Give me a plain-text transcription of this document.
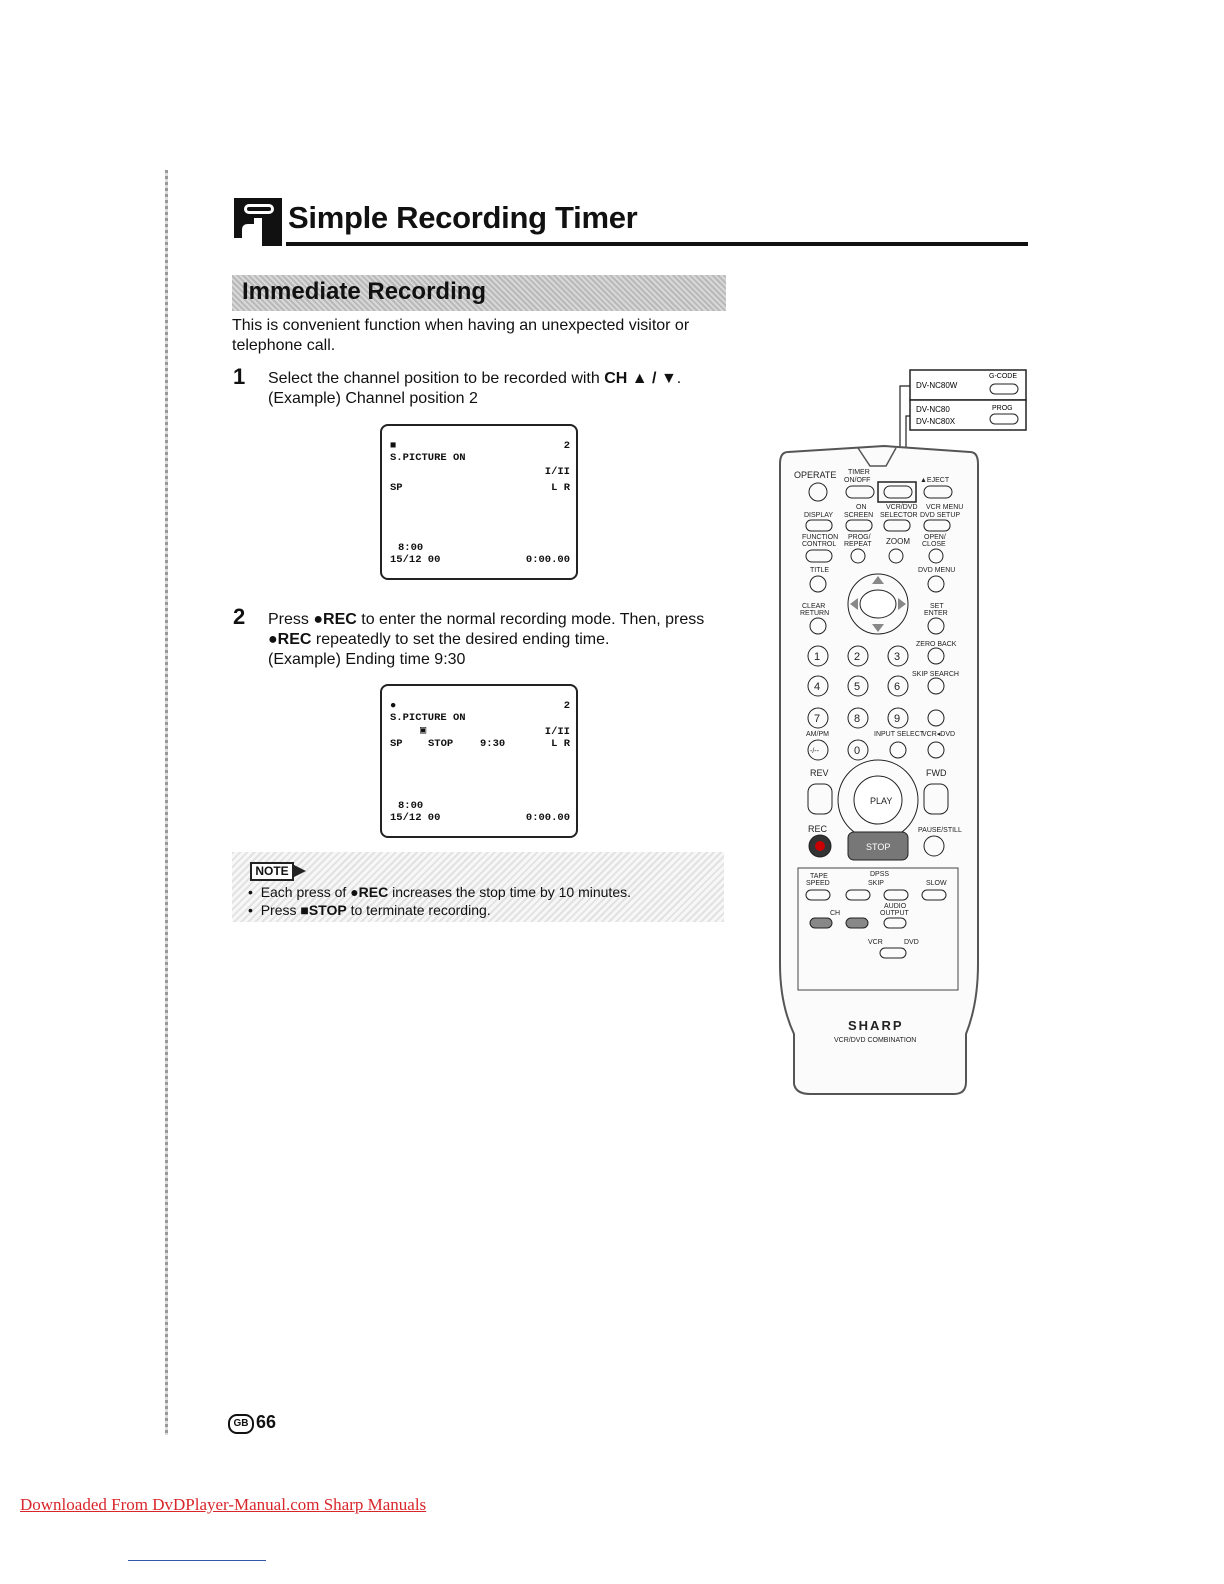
Simple Recording Timer
Immediate Recording
This is convenient function when having an unexpected visitor or telephone call.
1 Select the channel position to be recorded with CH ▲ / ▼.
(Example) Channel position 2
■	2
S.PICTURE ON
I/II
SP	L R
8:00
15/12 00	0:00.00
2 Press ●REC to enter the normal recording mode. Then, press
●REC repeatedly to set the desired ending time.
(Example) Ending time 9:30
●	2
S.PICTURE ON
▣	I/II
SP STOP	9:30	L R
8:00
15/12 00	0:00.00
NOTE
•  Each press of ●REC increases the stop time by 10 minutes.
•  Press ■STOP to terminate recording.
DV-NC80W
G-CODE
DV-NC80
DV-NC80X
PROG
OPERATE TIMER
ON/OFF	▲EJECT
ON	VCR/DVD VCR MENU
DISPLAY SCREEN SELECTOR DVD SETUP
FUNCTION
CONTROL
PROG/
REPEAT ZOOM OPEN/
CLOSE
TITLE	DVD MENU
CLEAR
RETURN
SET
ENTER
ZERO BACK
SKIP SEARCH
1	2	3
4	5	6
7	8	9
-/--	0
AM/PM	INPUT SELECT
VCR◂DVD
REV	FWD
PLAY
REC	PAUSE/STILL
STOP
TAPE
SPEED
DPSS
SKIP	SLOW
AUDIO
OUTPUT
CH
VCR	DVD
SHARP
VCR/DVD COMBINATION
GB 66
Downloaded From DvDPlayer-Manual.com Sharp Manuals
